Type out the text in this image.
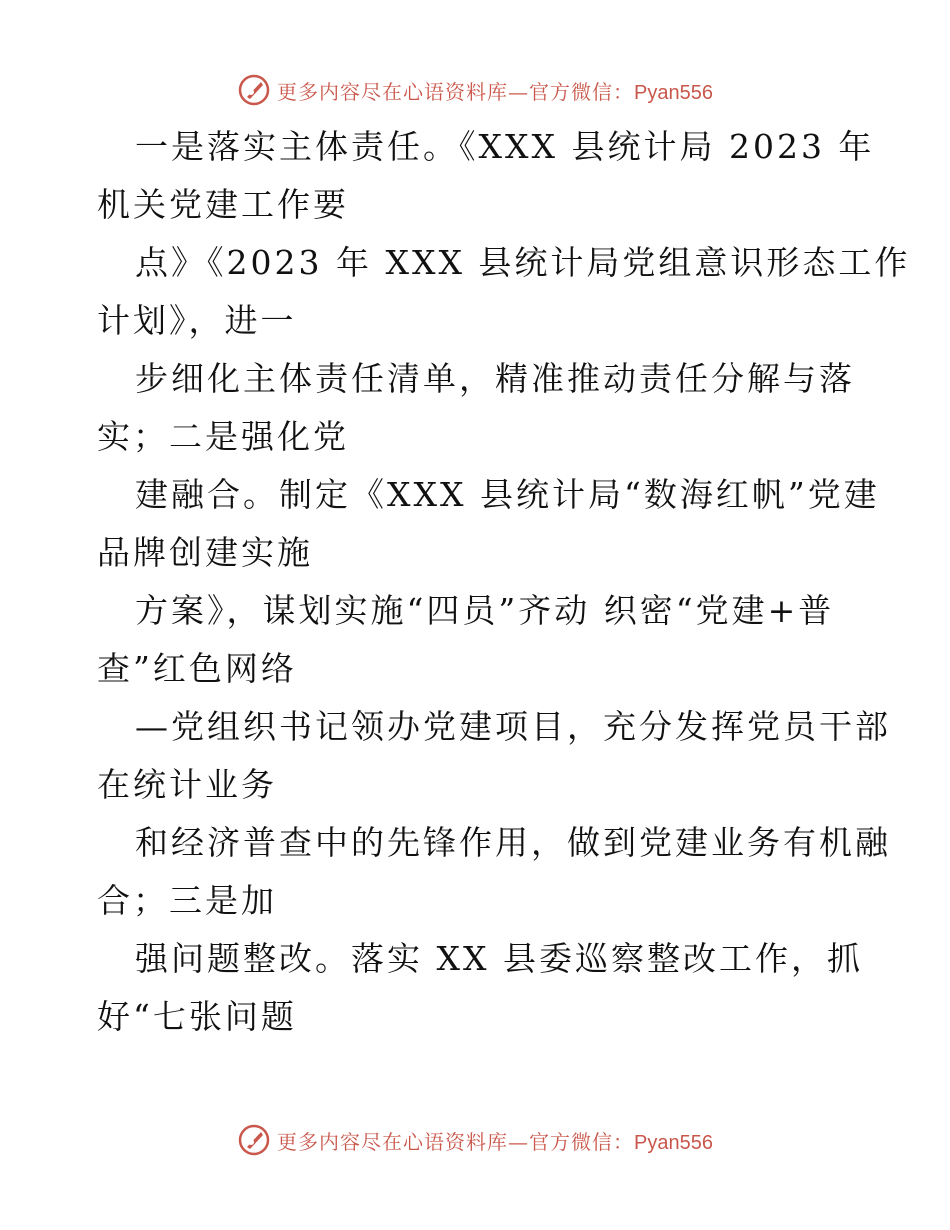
更多内容尽在心语资料库—官方微信：Pyan556
一是落实主体责任。《XXX 县统计局 2023 年
机关党建工作要
点》《2023 年 XXX 县统计局党组意识形态工作
计划》，进一
步细化主体责任清单，精准推动责任分解与落
实；二是强化党
建融合。制定《XXX 县统计局“数海红帆”党建
品牌创建实施
方案》，谋划实施“四员”齐动 织密“党建+普
查”红色网络
—党组织书记领办党建项目，充分发挥党员干部
在统计业务
和经济普查中的先锋作用，做到党建业务有机融
合；三是加
强问题整改。落实 XX 县委巡察整改工作，抓
好“七张问题
更多内容尽在心语资料库—官方微信：Pyan556
